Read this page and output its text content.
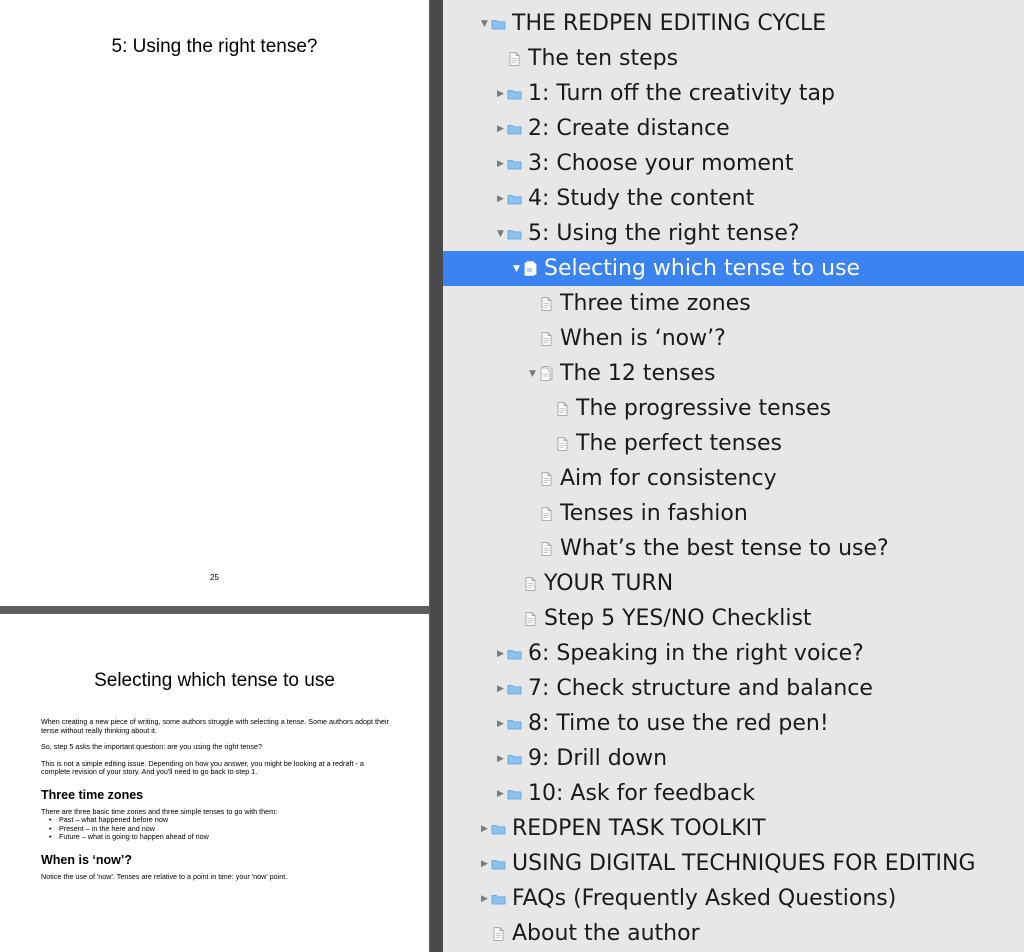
5: Using the right tense?
25
Selecting which tense to use

When creating a new piece of writing, some authors struggle with selecting a tense. Some authors adopt their tense without really thinking about it.

So, step 5 asks the important question: are you using the right tense?

This is not a simple editing issue. Depending on how you answer, you might be looking at a redraft - a complete revision of your story. And you'll need to go back to step 1.

Three time zones

There are three basic time zones and three simple tenses to go with them:

• Past – what happened before now
• Present – in the here and now
• Future – what is going to happen ahead of now
When is ‘now’?

Notice the use of 'now'. Tenses are relative to a point in time: your 'now' point.

▼ THE REDPEN EDITING CYCLE
The ten steps
▶ 1: Turn off the creativity tap
▶ 2: Create distance
▶ 3: Choose your moment
▶ 4: Study the content
▼ 5: Using the right tense?
▼ Selecting which tense to use
Three time zones
When is ‘now’?
▼ The 12 tenses
The progressive tenses
The perfect tenses
Aim for consistency
Tenses in fashion
What’s the best tense to use?
YOUR TURN
Step 5 YES/NO Checklist
▶ 6: Speaking in the right voice?
▶ 7: Check structure and balance
▶ 8: Time to use the red pen!
▶ 9: Drill down
▶ 10: Ask for feedback
▶ REDPEN TASK TOOLKIT
▶ USING DIGITAL TECHNIQUES FOR EDITING
▶ FAQs (Frequently Asked Questions)
About the author
